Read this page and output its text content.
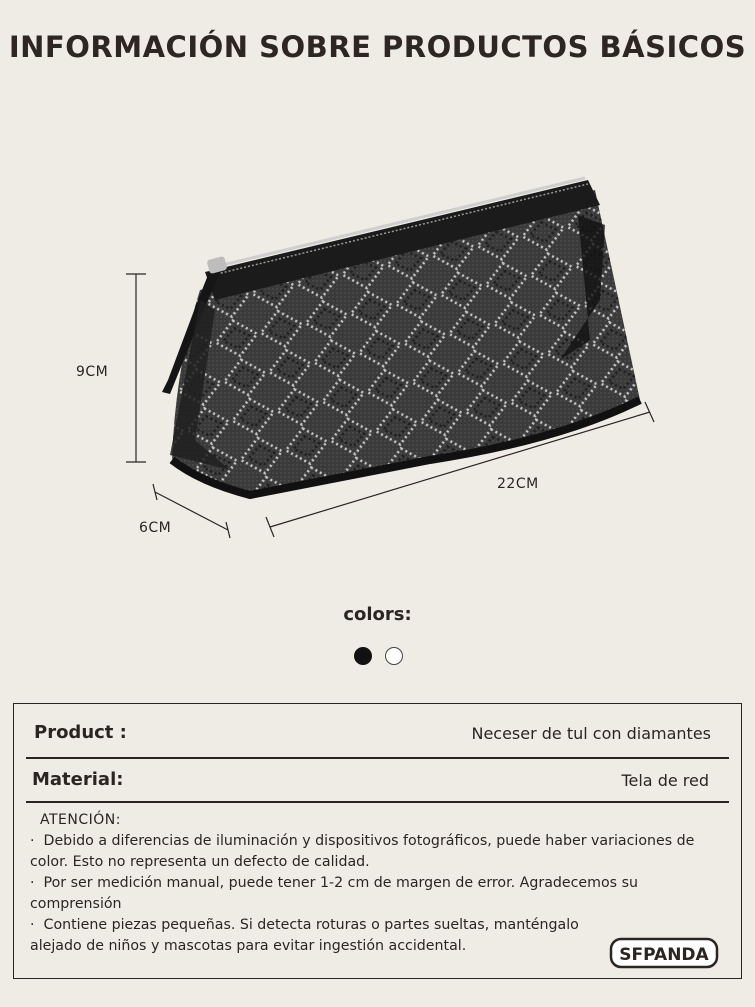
INFORMACIÓN SOBRE PRODUCTOS BÁSICOS
9CM
22CM
6CM
colors:
Product :	Neceser de tul con diamantes
Material:	Tela de red
ATENCIÓN:
·  Debido a diferencias de iluminación y dispositivos fotográficos, puede haber variaciones de color. Esto no representa un defecto de calidad.
·  Por ser medición manual, puede tener 1-2 cm de margen de error. Agradecemos su comprensión
·  Contiene piezas pequeñas. Si detecta roturas o partes sueltas, manténgalo alejado de niños y mascotas para evitar ingestión accidental.	SFPANDA
